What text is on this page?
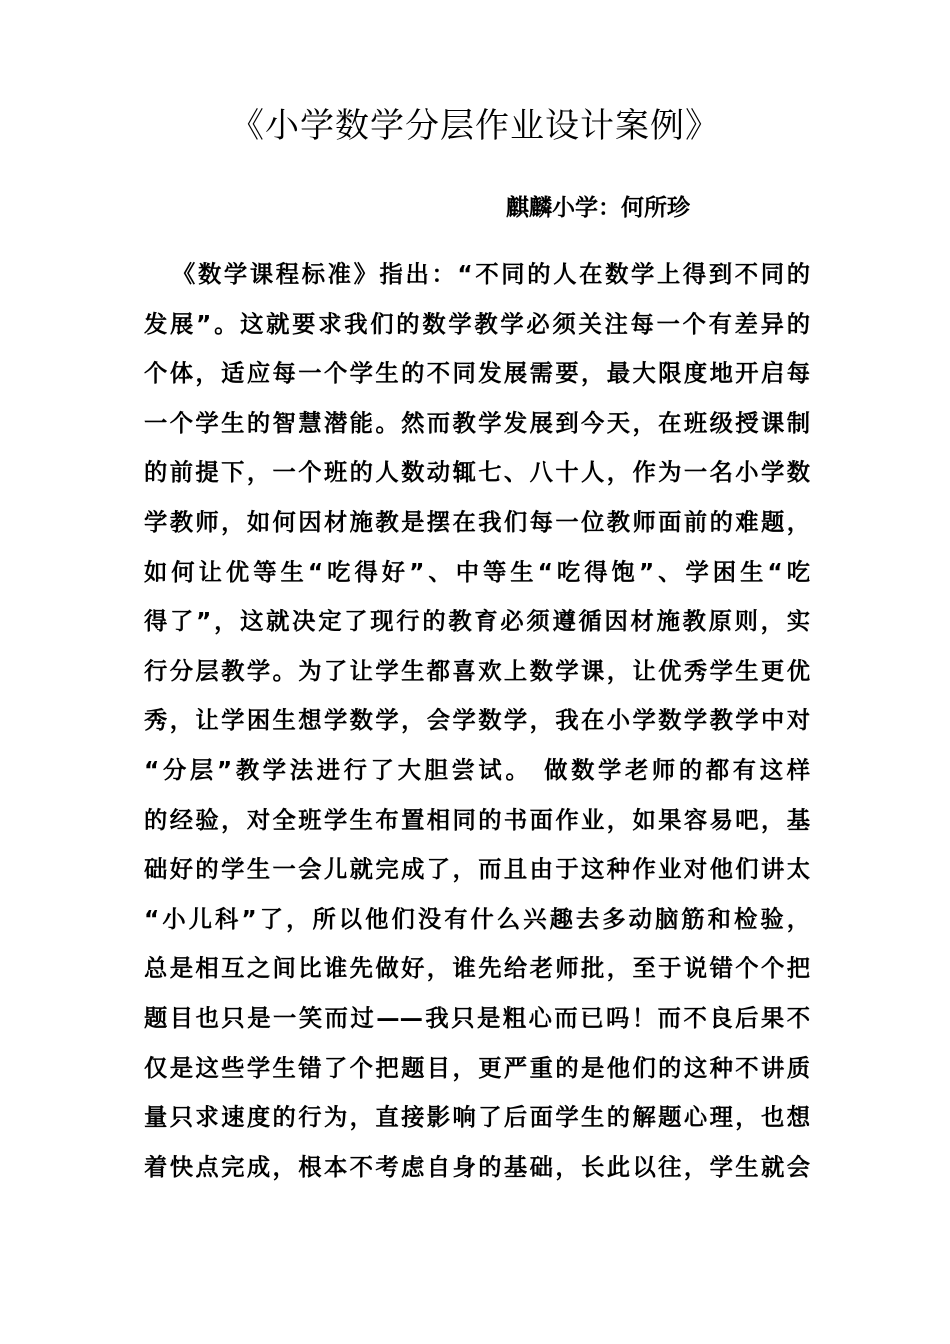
《小学数学分层作业设计案例》

麒麟小学：何所珍

《数学课程标准》指出：“不同的人在数学上得到不同的
发展”。这就要求我们的数学教学必须关注每一个有差异的
个体，适应每一个学生的不同发展需要，最大限度地开启每
一个学生的智慧潜能。然而教学发展到今天，在班级授课制
的前提下，一个班的人数动辄七、八十人，作为一名小学数
学教师，如何因材施教是摆在我们每一位教师面前的难题，
如何让优等生“吃得好”、中等生“吃得饱”、学困生“吃
得了”，这就决定了现行的教育必须遵循因材施教原则，实
行分层教学。为了让学生都喜欢上数学课，让优秀学生更优
秀，让学困生想学数学，会学数学，我在小学数学教学中对
“分层”教学法进行了大胆尝试。 做数学老师的都有这样
的经验，对全班学生布置相同的书面作业，如果容易吧，基
础好的学生一会儿就完成了，而且由于这种作业对他们讲太
“小儿科”了，所以他们没有什么兴趣去多动脑筋和检验，
总是相互之间比谁先做好，谁先给老师批，至于说错个个把
题目也只是一笑而过——我只是粗心而已吗！而不良后果不
仅是这些学生错了个把题目，更严重的是他们的这种不讲质
量只求速度的行为，直接影响了后面学生的解题心理，也想
着快点完成，根本不考虑自身的基础，长此以往，学生就会
